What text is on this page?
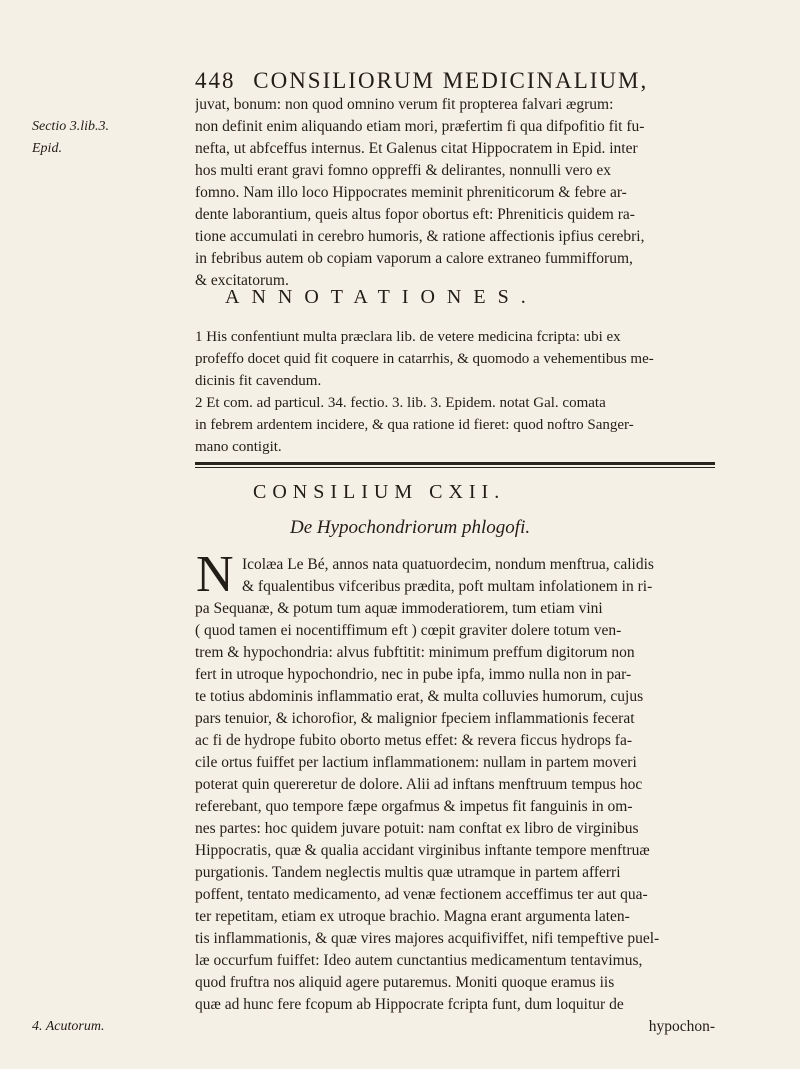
448 CONSILIORUM MEDICINALIUM,
Sectio 3.lib.3.
Epid.
juvat, bonum: non quod omnino verum fit propterea falvari ægrum:
non definit enim aliquando etiam mori, præfertim fi qua difpofitio fit fu-
nefta, ut abfceffus internus. Et Galenus citat Hippocratem in Epid. inter
hos multi erant gravi fomno oppreffi & delirantes, nonnulli vero ex
fomno. Nam illo loco Hippocrates meminit phreniticorum & febre ar-
dente laborantium, queis altus fopor obortus eft: Phreniticis quidem ra-
tione accumulati in cerebro humoris, & ratione affectionis ipfius cerebri,
in febribus autem ob copiam vaporum a calore extraneo fummifforum,
& excitatorum.
ANNOTATIONES.
1 His confentiunt multa præclara lib. de vetere medicina fcripta: ubi ex
profeffo docet quid fit coquere in catarrhis, & quomodo a vehementibus me-
dicinis fit cavendum.
2 Et com. ad particul. 34. fectio. 3. lib. 3. Epidem. notat Gal. comata
in febrem ardentem incidere, & qua ratione id fieret: quod noftro Sanger-
mano contigit.
CONSILIUM CXII.
De Hypochondriorum phlogofi.
N Icolæa Le Bé, annos nata quatuordecim, nondum menftrua, calidis
& fqualentibus vifceribus prædita, poft multam infolationem in ri-
pa Sequanæ, & potum tum aquæ immoderatiorem, tum etiam vini
( quod tamen ei nocentiffimum eft ) cœpit graviter dolere totum ven-
trem & hypochondria: alvus fubftitit: minimum preffum digitorum non
fert in utroque hypochondrio, nec in pube ipfa, immo nulla non in par-
te totius abdominis inflammatio erat, & multa colluvies humorum, cujus
pars tenuior, & ichorofior, & malignior fpeciem inflammationis fecerat
ac fi de hydrope fubito oborto metus effet: & revera ficcus hydrops fa-
cile ortus fuiffet per lactium inflammationem: nullam in partem moveri
poterat quin quereretur de dolore. Alii ad inftans menftruum tempus hoc
referebant, quo tempore fæpe orgafmus & impetus fit fanguinis in om-
nes partes: hoc quidem juvare potuit: nam conftat ex libro de virginibus
Hippocratis, quæ & qualia accidant virginibus inftante tempore menftruæ
purgationis. Tandem neglectis multis quæ utramque in partem afferri
poffent, tentato medicamento, ad venæ fectionem acceffimus ter aut qua-
ter repetitam, etiam ex utroque brachio. Magna erant argumenta laten-
tis inflammationis, & quæ vires majores acquifiviffet, nifi tempeftive puel-
læ occurfum fuiffet: Ideo autem cunctantius medicamentum tentavimus,
quod fruftra nos aliquid agere putaremus. Moniti quoque eramus iis
quæ ad hunc fere fcopum ab Hippocrate fcripta funt, dum loquitur de
hypochon-
4. Acutorum.
